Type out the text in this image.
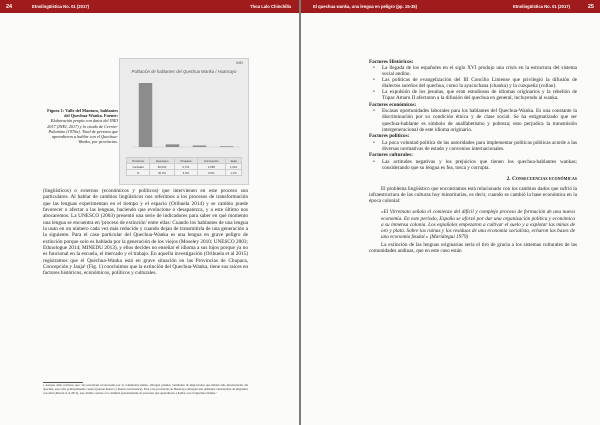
24	Etnolingüística No. 01 (2017)	Thoa Lalo Chinchilla
Figura 1: Valle del Mantaro, hablantes del Quechua-Wanka. Fuente: Elaboración propia con datos del INEI 2017 (INEI, 2017) y lo citado de Cerrón-Palomino (1976a). Total de persona que aprendieron a hablar con el Quechua-Wanka, por provincias.
INEI
Población de hablantes del Quechua Wanka / Huancayo
Provincia	Huancayo	Chupaca	Concepción	Jauja
Cantidad	90,000	3,722	2,098	1,001
%	30.3%	3.0%	0.5%	1.1%

(lingüísticos) o externos (económicos y políticos) que intervienen en este proceso son particulares. Al hablar de cambios lingüísticos nos referimos a los procesos de transformación que las lenguas experimentan en el tiempo y el espacio (Orihuela 2014) y se cambio puede favorecer o afectar a las lenguas, haciendo que evolucione o desaparezca, y a este último nos abocaremos. La UNESCO (2003) presentó una serie de indicadores para saber en qué momento una lengua se encuentra en 'proceso de extinción' entre ellas: Cuando los hablantes de una lengua la usan en un número cada vez más reducido y cuando dejan de transmitirla de una generación a la siguiente. Para el caso particular del Quechua-Wanka es una lengua en grave peligro de extinción porque solo es hablada por la generación de los viejos (Moseley 2010; UNESCO 2003; Ethnologue 2014; MINEDU 2013), y ellos decides no enseñar el idioma a sus hijos porque ya no es funcional en la escuela, el mercado y el trabajo. En aquella investigación (Orihuela et al 2015) registramos que el Quechua-Wanka está en grave situación en las Provincias de Chupaca, Concepción y Jauja¹ (Fig. 1) concluimos que la extinción del Quechua-Wanka, tiene sus raíces en factores históricos, económicos, políticos y culturales.

1 Aunque debe aclararse que: 'las provincias recolectadas por la comunidad andina, albergan grandes cantidades de migraciones que habían sido inventariadas del quechua, este echo principalmente cuenta (pueron huanca y huanca sari huanca). Este a las provincias de Huancayo albergan una densidad considerable de migrantes con altas (Rancel et al 2013), esto último contrae a la cantidad aparentemente de personas que aprendieron a hablar con el Quechua-Wanka.'
El quechua wanka, una lengua en peligro (pp. 15-35)	Etnolingüística No. 01 (2017)	25
Factores Históricos:
• La llegada de los españoles en el siglo XVI produjo una crisis en la estructura del sistema social andino.
• Las políticas de evangelización del III Concilio Limense que privilegió la difusión de dialectos sureños del quechua, como la ayacuchana (chanka) y la cuzqueña (collao).
• La expulsión de los jesuitas, que eran estudiosos de idiomas originarios y la rebelión de Túpac Amaru II afectaron a la difusión del quechua en general, incluyendo al wanka.
Factores económicos:
• Escasas oportunidades laborales para los hablantes del Quechua-Wanka. Es una constante la discriminación por su condición étnica y de clase social. Se ha estigmatizado que ser quechua-hablante es símbolo de analfabetismo y pobreza; esto perjudica la transmisión intergeneracional de este idioma originario.
Factores políticos:
• La poca voluntad política de las autoridades para implementar políticas públicas acorde a las diversas normativas de estado y convenios internacionales.
Factores culturales:
• Las actitudes negativas y los prejuicios que tienen los quechua-hablantes wankas; considerando que su lengua es fea, tosca y corrupta.
2. Consecuencias económicas
El problema lingüístico que encontramos está relacionado con los cambios dados que sufrió la infraestructura de las culturas hoy minoritarias, es decir, cuando se cambió la base económica en la época colonial:
«El Virreinato señala el comienzo del difícil y complejo proceso de formación de una nueva economía. En este período, España se aforzó por dar una organización política y económica a su inmensa colonia. Los españoles empezaron a cultivar el suelo y a explotar las minas de oro y plata. Sobre las ruinas y los residuos de una economía socialista, echaron las bases de una economía feudal.» (Mariátegui 1979)
La extinción de las lenguas originarias sería el tiro de gracia a los sistemas culturales de las comunidades andinas, que en este caso están
